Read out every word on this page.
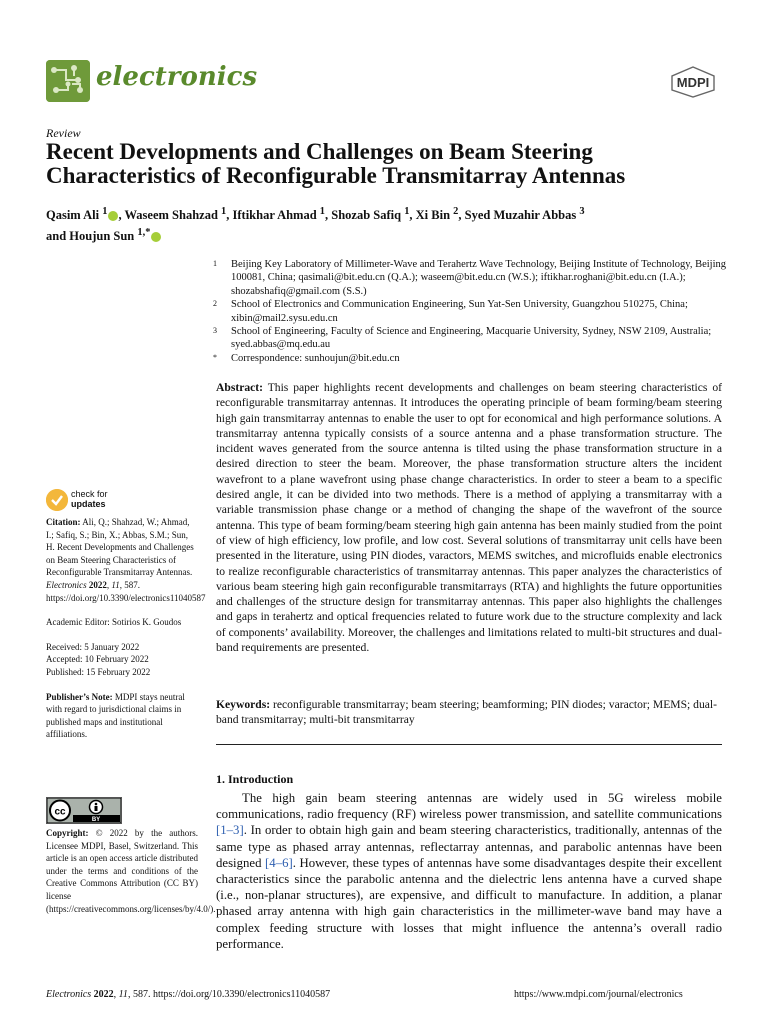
electronics	MDPI
Review
Recent Developments and Challenges on Beam Steering Characteristics of Reconfigurable Transmitarray Antennas
Qasim Ali $^1$ , Waseem Shahzad $^1$, Iftikhar Ahmad $^1$, Shozab Safiq $^1$, Xi Bin $^2$, Syed Muzahir Abbas $^3$
and Houjun Sun $^{1,*}$
1 Beijing Key Laboratory of Millimeter-Wave and Terahertz Wave Technology, Beijing Institute of Technology, Beijing 100081, China; qasimali@bit.edu.cn (Q.A.); waseem@bit.edu.cn (W.S.); iftikhar.roghani@bit.edu.cn (I.A.); shozabshafiq@gmail.com (S.S.)
2 School of Electronics and Communication Engineering, Sun Yat-Sen University, Guangzhou 510275, China; xibin@mail2.sysu.edu.cn
3 School of Engineering, Faculty of Science and Engineering, Macquarie University, Sydney, NSW 2109, Australia; syed.abbas@mq.edu.au
* Correspondence: sunhoujun@bit.edu.cn
Abstract: This paper highlights recent developments and challenges on beam steering characteristics of reconfigurable transmitarray antennas. It introduces the operating principle of beam forming/beam steering high gain transmitarray antennas to enable the user to opt for economical and high performance solutions. A transmitarray antenna typically consists of a source antenna and a phase transformation structure. The incident waves generated from the source antenna is tilted using the phase transformation structure in a desired direction to steer the beam. Moreover, the phase transformation structure alters the incident wavefront to a plane wavefront using phase change characteristics. In order to steer a beam to a specific desired angle, it can be divided into two methods. There is a method of applying a transmitarray with a variable transmission phase change or a method of changing the shape of the wavefront of the source antenna. This type of beam forming/beam steering high gain antenna has been mainly studied from the point of view of high efficiency, low profile, and low cost. Several solutions of transmitarray unit cells have been presented in the literature, using PIN diodes, varactors, MEMS switches, and microfluids enable electronics to realize reconfigurable characteristics of transmitarray antennas. This paper analyzes the characteristics of various beam steering high gain reconfigurable transmitarrays (RTA) and highlights the future opportunities and challenges of the structure design for transmitarray antennas. This paper also highlights the challenges and gaps in terahertz and optical frequencies related to future work due to the structure complexity and lack of components’ availability. Moreover, the challenges and limitations related to multi-bit structures and dual-band requirements are presented.
Keywords: reconfigurable transmitarray; beam steering; beamforming; PIN diodes; varactor; MEMS; dual-band transmitarray; multi-bit transmitarray
check for
updates
Citation: Ali, Q.; Shahzad, W.; Ahmad, I.; Safiq, S.; Bin, X.; Abbas, S.M.; Sun, H. Recent Developments and Challenges on Beam Steering Characteristics of Reconfigurable Transmitarray Antennas. Electronics 2022, 11, 587. https://doi.org/10.3390/electronics11040587
Academic Editor: Sotirios K. Goudos
Received: 5 January 2022
Accepted: 10 February 2022
Published: 15 February 2022
Publisher’s Note: MDPI stays neutral with regard to jurisdictional claims in published maps and institutional affiliations.
cc
BY
Copyright: © 2022 by the authors. Licensee MDPI, Basel, Switzerland. This article is an open access article distributed under the terms and conditions of the Creative Commons Attribution (CC BY) license (https://creativecommons.org/licenses/by/4.0/).
1. Introduction
The high gain beam steering antennas are widely used in 5G wireless mobile communications, radio frequency (RF) wireless power transmission, and satellite communications [1–3]. In order to obtain high gain and beam steering characteristics, traditionally, antennas of the same type as phased array antennas, reflectarray antennas, and parabolic antennas have been designed [4–6]. However, these types of antennas have some disadvantages despite their excellent characteristics since the parabolic antenna and the dielectric lens antenna have a curved shape (i.e., non-planar structures), are expensive, and difficult to manufacture. In addition, a planar phased array antenna with high gain characteristics in the millimeter-wave band may have a complex feeding structure with losses that might influence the antenna’s overall radio performance.
Electronics 2022, 11, 587. https://doi.org/10.3390/electronics11040587	https://www.mdpi.com/journal/electronics
